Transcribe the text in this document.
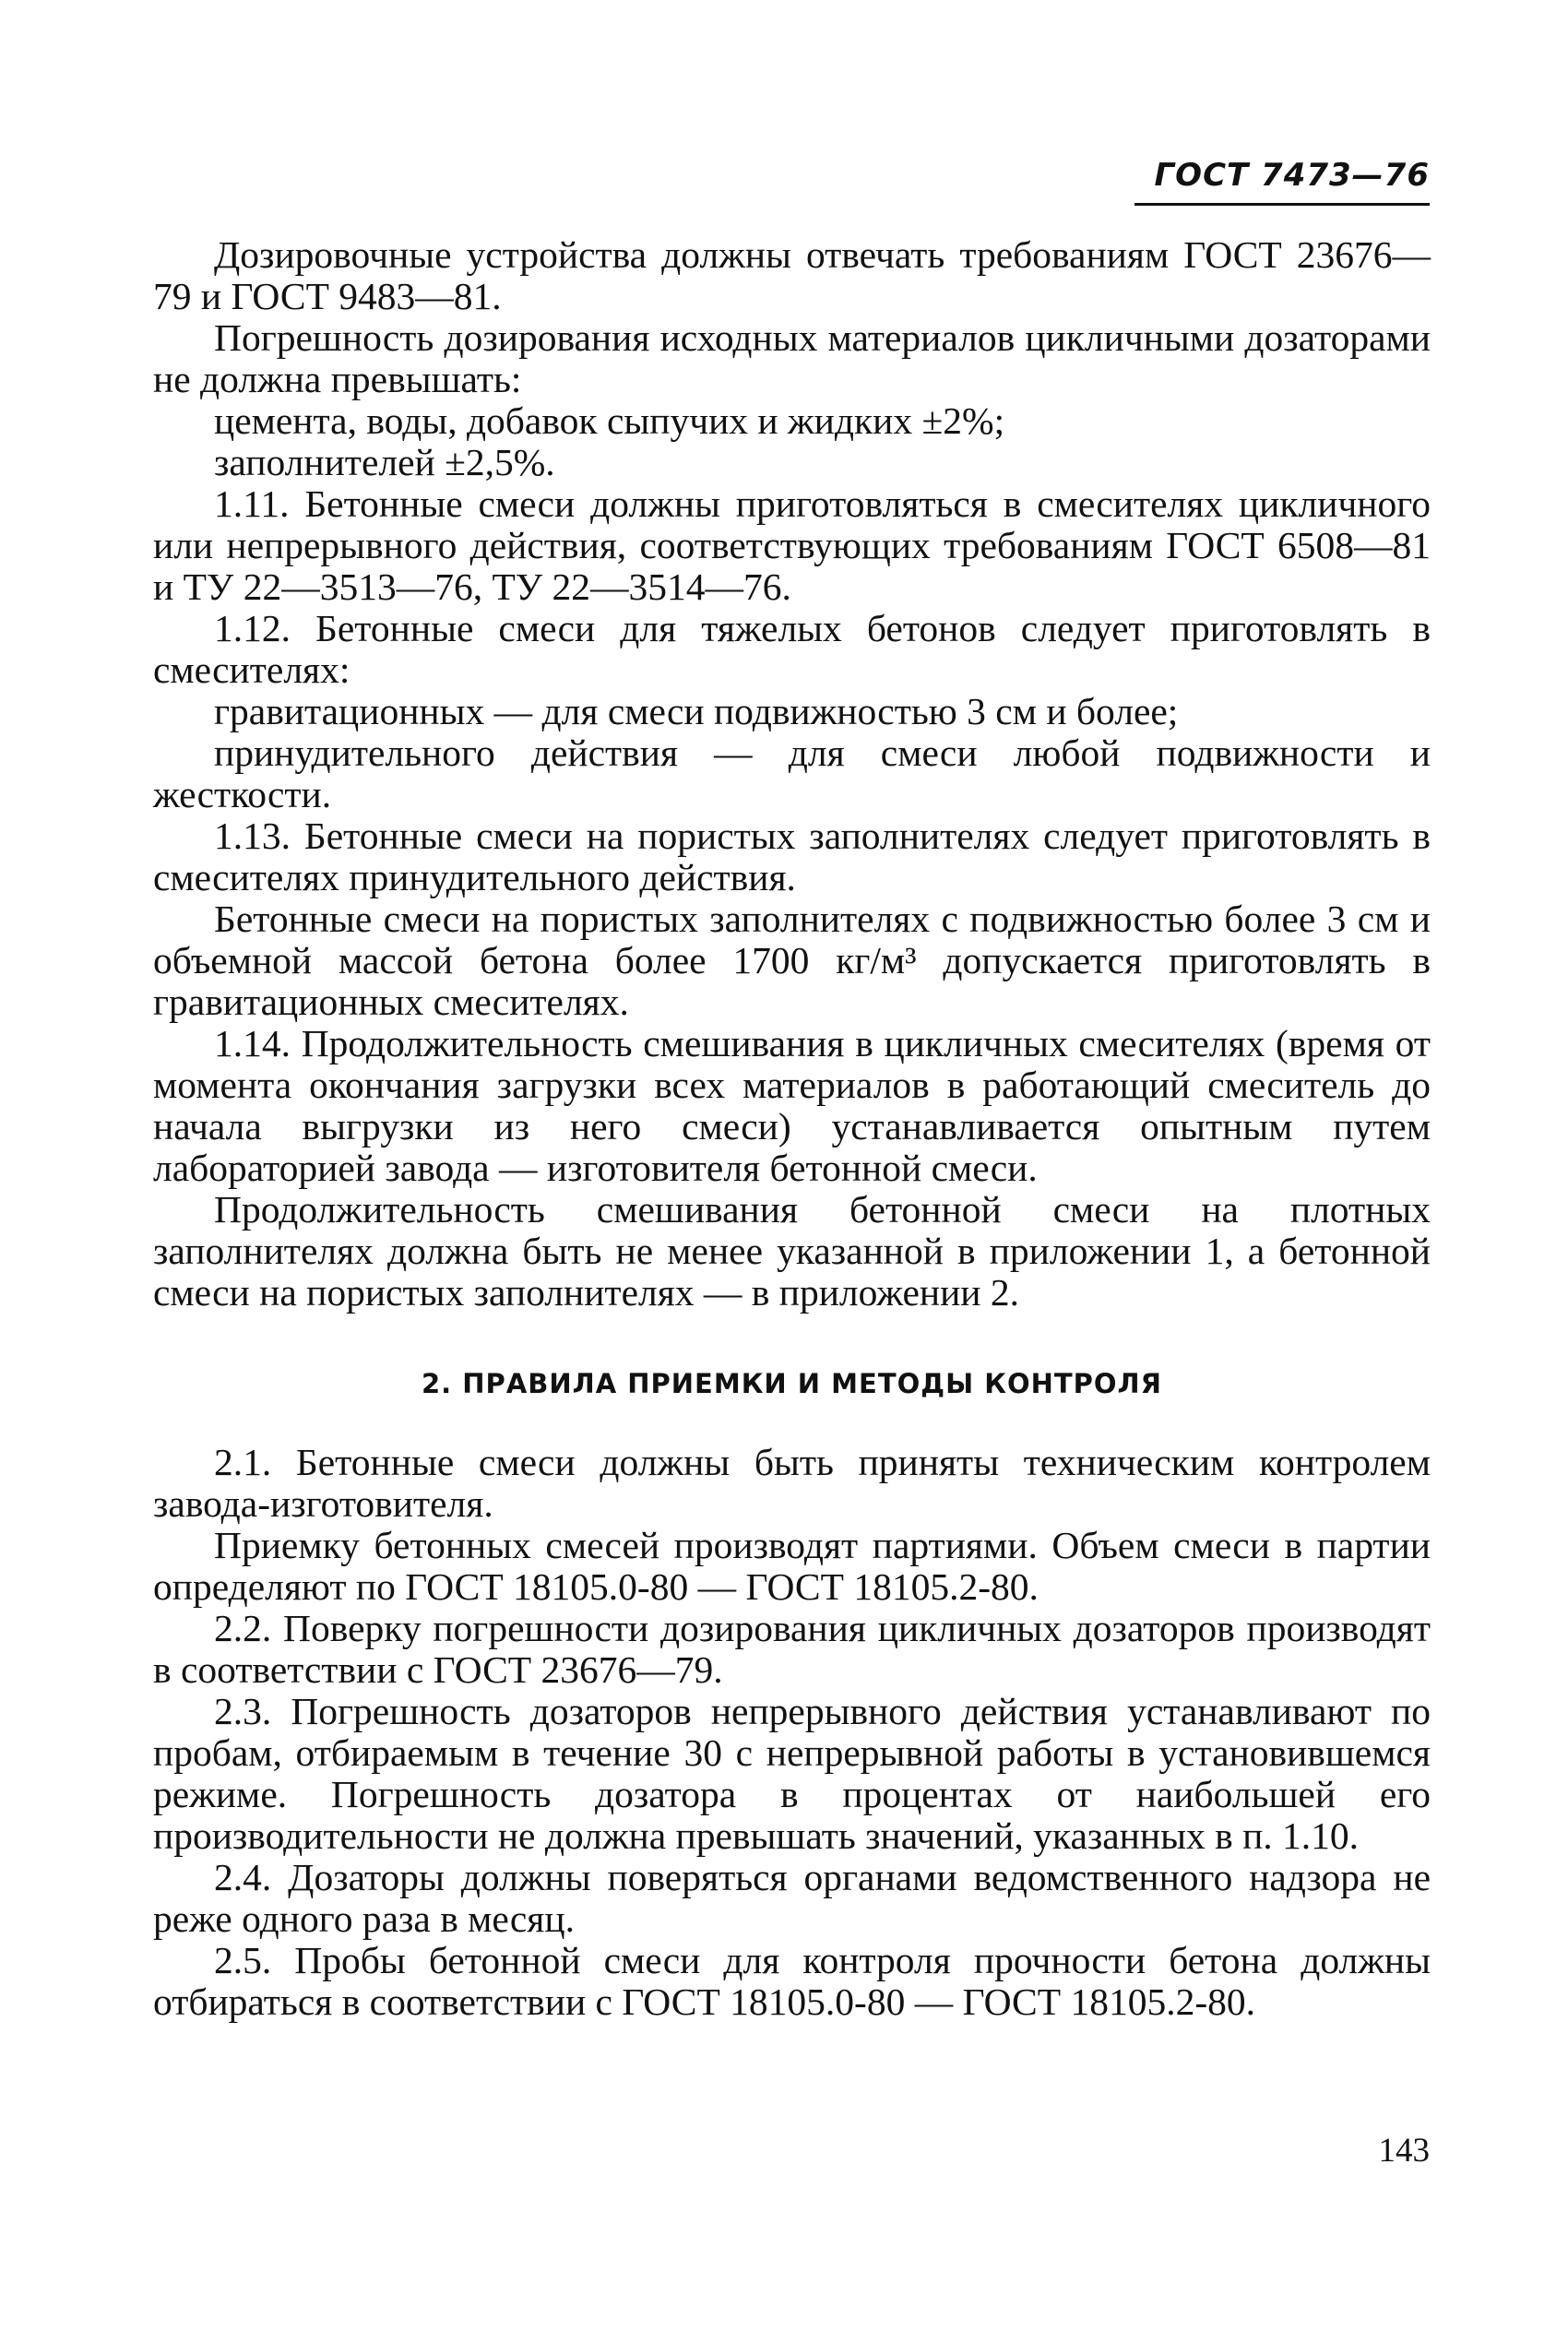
ГОСТ 7473—76

Дозировочные устройства должны отвечать требованиям ГОСТ 23676—79 и ГОСТ 9483—81.

Погрешность дозирования исходных материалов цикличными дозаторами не должна превышать:

цемента, воды, добавок сыпучих и жидких ±2%;

заполнителей ±2,5%.

1.11. Бетонные смеси должны приготовляться в смесителях цикличного или непрерывного действия, соответствующих требованиям ГОСТ 6508—81 и ТУ 22—3513—76, ТУ 22—3514—76.

1.12. Бетонные смеси для тяжелых бетонов следует приготовлять в смесителях:

гравитационных — для смеси подвижностью 3 см и более;

принудительного действия — для смеси любой подвижности и жесткости.

1.13. Бетонные смеси на пористых заполнителях следует приготовлять в смесителях принудительного действия.

Бетонные смеси на пористых заполнителях с подвижностью более 3 см и объемной массой бетона более 1700 кг/м³ допускается приготовлять в гравитационных смесителях.

1.14. Продолжительность смешивания в цикличных смесителях (время от момента окончания загрузки всех материалов в работающий смеситель до начала выгрузки из него смеси) устанавливается опытным путем лабораторией завода — изготовителя бетонной смеси.

Продолжительность смешивания бетонной смеси на плотных заполнителях должна быть не менее указанной в приложении 1, а бетонной смеси на пористых заполнителях — в приложении 2.

2. ПРАВИЛА ПРИЕМКИ И МЕТОДЫ КОНТРОЛЯ

2.1. Бетонные смеси должны быть приняты техническим контролем завода-изготовителя.

Приемку бетонных смесей производят партиями. Объем смеси в партии определяют по ГОСТ 18105.0-80 — ГОСТ 18105.2-80.

2.2. Поверку погрешности дозирования цикличных дозаторов производят в соответствии с ГОСТ 23676—79.

2.3. Погрешность дозаторов непрерывного действия устанавливают по пробам, отбираемым в течение 30 с непрерывной работы в установившемся режиме. Погрешность дозатора в процентах от наибольшей его производительности не должна превышать значений, указанных в п. 1.10.

2.4. Дозаторы должны поверяться органами ведомственного надзора не реже одного раза в месяц.

2.5. Пробы бетонной смеси для контроля прочности бетона должны отбираться в соответствии с ГОСТ 18105.0-80 — ГОСТ 18105.2-80.

143
